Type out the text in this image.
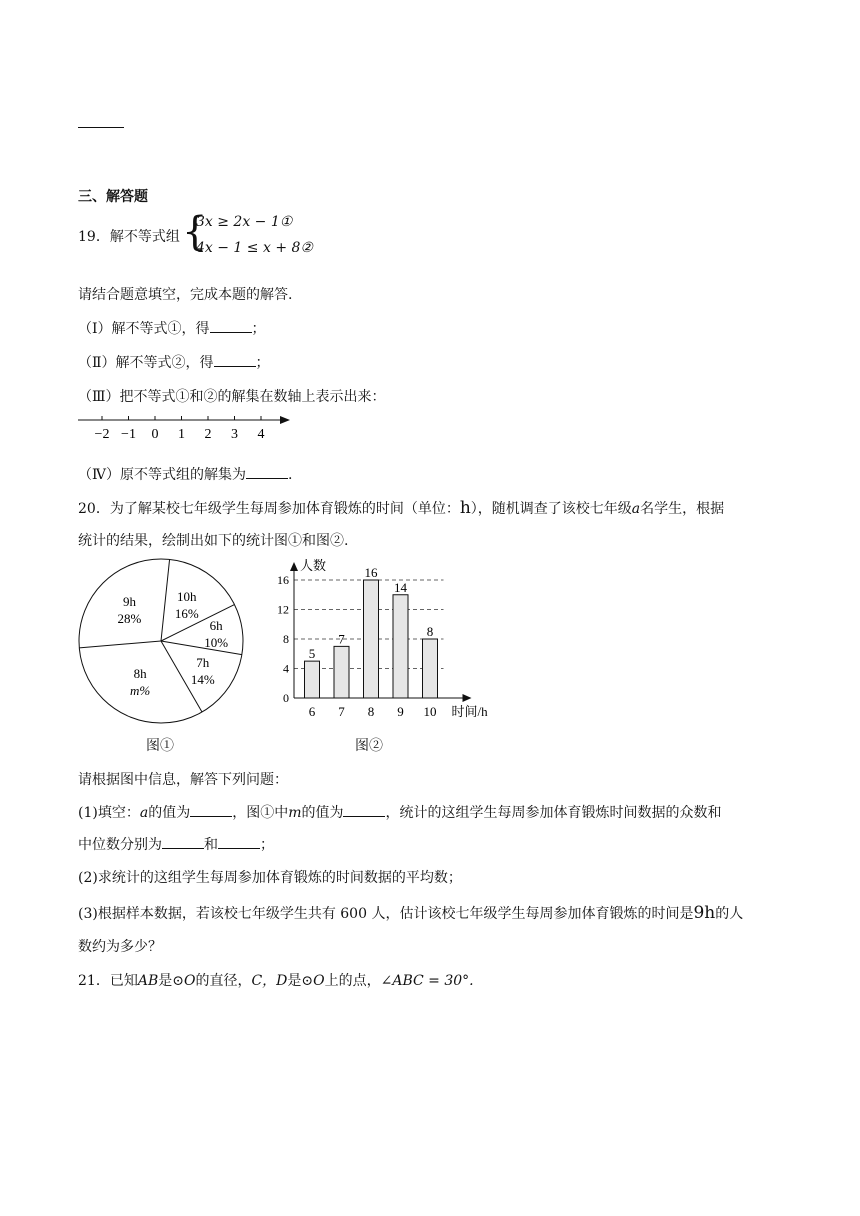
三、解答题
19．解不等式组 {
3x ≥ 2x − 1①
4x − 1 ≤ x + 8②
请结合题意填空，完成本题的解答.
（Ⅰ）解不等式①，得	；
（Ⅱ）解不等式②，得	；
（Ⅲ）把不等式①和②的解集在数轴上表示出来：
−2 −1 0 1 2 3 4
（Ⅳ）原不等式组的解集为	.
20．为了解某校七年级学生每周参加体育锻炼的时间（单位：h），随机调查了该校七年级a名学生，根据
统计的结果，绘制出如下的统计图①和图②.
10h
16%
6h
10%
7h
14%
8h
m%
9h
28%
图①
0
4
8
12
16
人数
5
6
7
7
16
8
14
9
8
10 时间/h
图②
请根据图中信息，解答下列问题：
(1)填空：a的值为	，图①中m的值为	，统计的这组学生每周参加体育锻炼时间数据的众数和
中位数分别为	和	；
(2)求统计的这组学生每周参加体育锻炼的时间数据的平均数；
(3)根据样本数据，若该校七年级学生共有 600 人，估计该校七年级学生每周参加体育锻炼的时间是9h的人
数约为多少？
21．已知AB是⊙O的直径，C，D是⊙O上的点，∠ABC = 30°.
